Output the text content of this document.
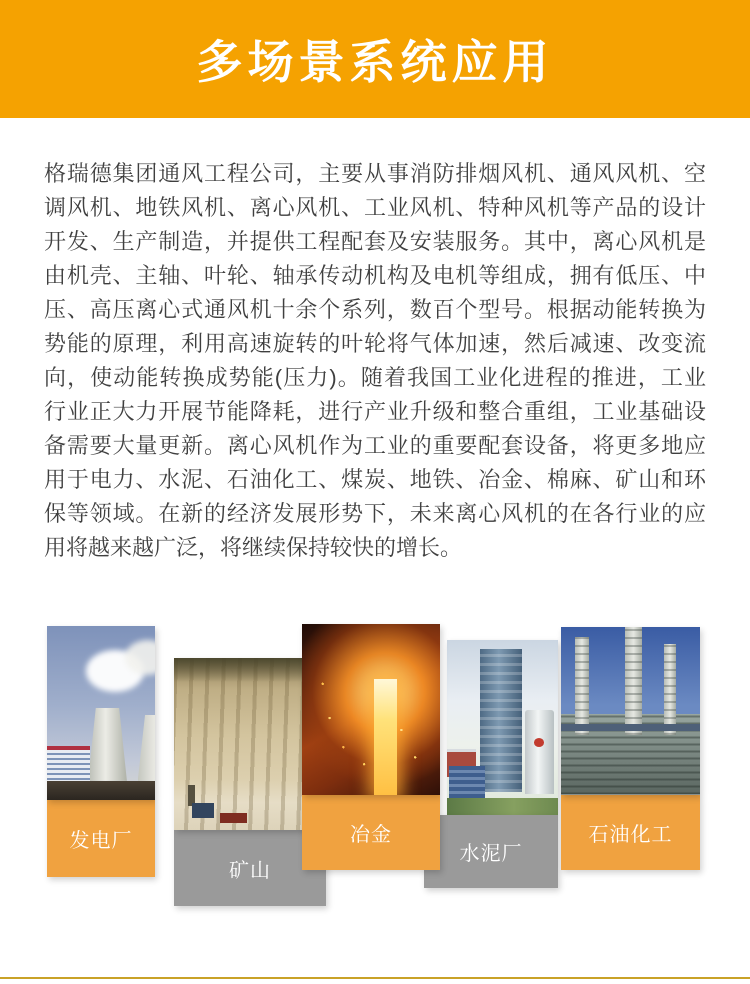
多场景系统应用
格瑞德集团通风工程公司，主要从事消防排烟风机、通风风机、空
调风机、地铁风机、离心风机、工业风机、特种风机等产品的设计
开发、生产制造，并提供工程配套及安装服务。其中，离心风机是
由机壳、主轴、叶轮、轴承传动机构及电机等组成，拥有低压、中
压、高压离心式通风机十余个系列，数百个型号。根据动能转换为
势能的原理，利用高速旋转的叶轮将气体加速，然后减速、改变流
向，使动能转换成势能(压力)。随着我国工业化进程的推进，工业
行业正大力开展节能降耗，进行产业升级和整合重组，工业基础设
备需要大量更新。离心风机作为工业的重要配套设备，将更多地应
用于电力、水泥、石油化工、煤炭、地铁、冶金、棉麻、矿山和环
保等领域。在新的经济发展形势下，未来离心风机的在各行业的应
用将越来越广泛，将继续保持较快的增长。
发电厂
矿山
冶金
水泥厂
石油化工
